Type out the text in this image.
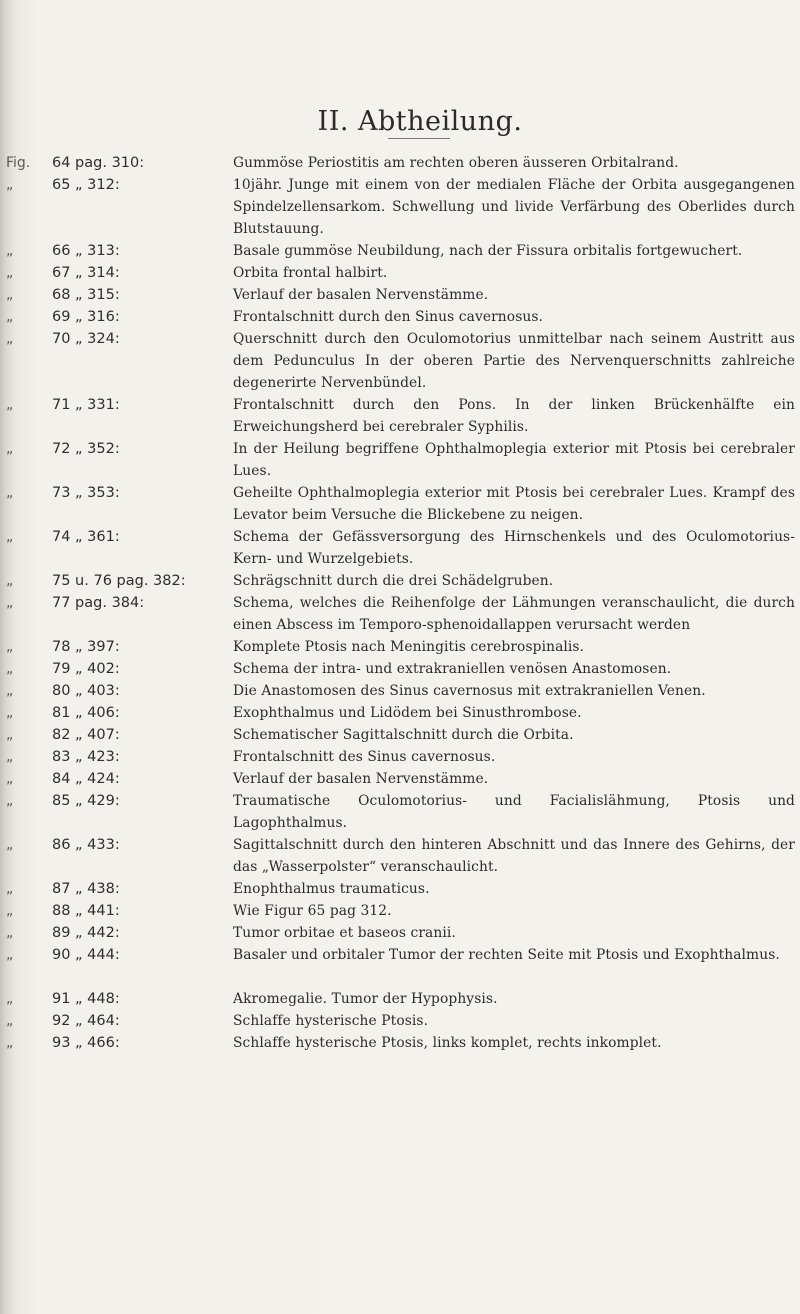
II. Abtheilung.
Fig.	64 pag. 310:	Gummöse Periostitis am rechten oberen äusseren Orbitalrand.
„	65 „ 312:	10jähr. Junge mit einem von der medialen Fläche der Orbita ausgegangenen Spindelzellensarkom. Schwellung und livide Verfärbung des Oberlides durch Blutstauung.
„	66 „ 313:	Basale gummöse Neubildung, nach der Fissura orbitalis fortgewuchert.
„	67 „ 314:	Orbita frontal halbirt.
„	68 „ 315:	Verlauf der basalen Nervenstämme.
„	69 „ 316:	Frontalschnitt durch den Sinus cavernosus.
„	70 „ 324:	Querschnitt durch den Oculomotorius unmittelbar nach seinem Austritt aus dem Pedunculus In der oberen Partie des Nervenquerschnitts zahlreiche degenerirte Nervenbündel.
„	71 „ 331:	Frontalschnitt durch den Pons. In der linken Brückenhälfte ein Erweichungsherd bei cerebraler Syphilis.
„	72 „ 352:	In der Heilung begriffene Ophthalmoplegia exterior mit Ptosis bei cerebraler Lues.
„	73 „ 353:	Geheilte Ophthalmoplegia exterior mit Ptosis bei cerebraler Lues. Krampf des Levator beim Versuche die Blickebene zu neigen.
„	74 „ 361:	Schema der Gefässversorgung des Hirnschenkels und des Oculomotorius-Kern- und Wurzelgebiets.
„	75 u. 76 pag. 382:	Schrägschnitt durch die drei Schädelgruben.
„	77 pag. 384:	Schema, welches die Reihenfolge der Lähmungen veranschaulicht, die durch einen Abscess im Temporo-sphenoidallappen verursacht werden
„	78 „ 397:	Komplete Ptosis nach Meningitis cerebrospinalis.
„	79 „ 402:	Schema der intra- und extrakraniellen venösen Anastomosen.
„	80 „ 403:	Die Anastomosen des Sinus cavernosus mit extrakraniellen Venen.
„	81 „ 406:	Exophthalmus und Lidödem bei Sinusthrombose.
„	82 „ 407:	Schematischer Sagittalschnitt durch die Orbita.
„	83 „ 423:	Frontalschnitt des Sinus cavernosus.
„	84 „ 424:	Verlauf der basalen Nervenstämme.
„	85 „ 429:	Traumatische Oculomotorius- und Facialislähmung, Ptosis und Lagophthalmus.
„	86 „ 433:	Sagittalschnitt durch den hinteren Abschnitt und das Innere des Gehirns, der das „Wasserpolster“ veranschaulicht.
„	87 „ 438:	Enophthalmus traumaticus.
„	88 „ 441:	Wie Figur 65 pag 312.
„	89 „ 442:	Tumor orbitae et baseos cranii.
„	90 „ 444:	Basaler und orbitaler Tumor der rechten Seite mit Ptosis und Exophthalmus.
„	91 „ 448:	Akromegalie. Tumor der Hypophysis.
„	92 „ 464:	Schlaffe hysterische Ptosis.
„	93 „ 466:	Schlaffe hysterische Ptosis, links komplet, rechts inkomplet.
